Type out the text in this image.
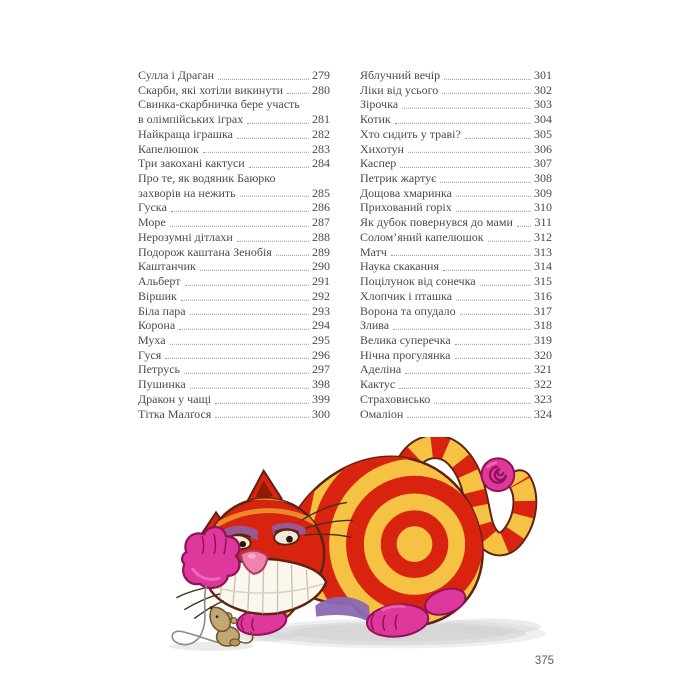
Сулла і Драган	279
Скарби, які хотіли викинути 280
Свинка-скарбничка бере участь
в олімпійських іграх	281
Найкраща іграшка	282
Капелюшок	283
Три закохані кактуси	284
Про те, як водяник Баюрко
захворів на нежить	285
Гуска	286
Море	287
Нерозумні дітлахи	288
Подорож каштана Зенобія	289
Каштанчик	290
Альберт	291
Віршик	292
Біла пара	293
Корона	294
Муха	295
Гуся	296
Петрусь	297
Пушинка	398
Дракон у чащі	399
Тітка Малґося	300
Яблучний вечір	301
Ліки від усього	302
Зірочка	303
Котик	304
Хто сидить у траві?	305
Хихотун	306
Каспер	307
Петрик жартує	308
Дощова хмаринка	309
Прихований горіх	310
Як дубок повернувся до мами 311
Солом’яний капелюшок	312
Матч	313
Наука скакання	314
Поцілунок від сонечка	315
Хлопчик і пташка	316
Ворона та опудало	317
Злива	318
Велика суперечка	319
Нічна прогулянка	320
Аделіна	321
Кактус	322
Страховисько	323
Омаліон	324
375
